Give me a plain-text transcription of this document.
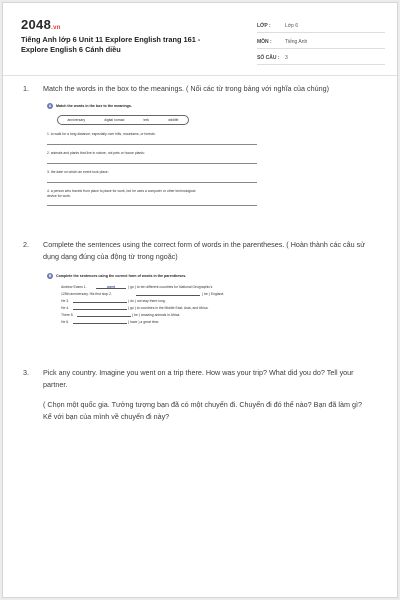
2048.vn
Tiếng Anh lớp 6 Unit 11 Explore English trang 161 - Explore English 6 Cánh diều
LỚP :	Lớp 6
MÔN :	Tiếng Anh
SỐ CÂU :	3
1. Match the words in the box to the meanings. ( Nối các từ trong bảng với nghĩa của chúng)
A	Match the words in the box to the meanings.
anniversary	digital nomad	trek	wildlife
1. to walk for a long distance, especially over hills, mountains, or forests:
2. animals and plants that live in nature, not pets or house plants:
3. the date on which an event took place:
4. a person who travels from place to place for work, but he uses a computer or other technological device for work.
2. Complete the sentences using the correct form of words in the parentheses. ( Hoàn thành các câu sử dụng dạng đúng của động từ trong ngoặc)
B	Complete the sentences using the correct form of words in the parentheses.
Andrew Evans 1.	went	( go ) to ten different countries for National Geographic's
125th anniversary. His first stop 2.	( be ) England.
He 3.	( do ) not stay there long.
He 4.	( go ) to countries in the Middle East, Asia, and Africa.
There 5.	( be ) amazing animals in Africa.
He 6.	( have ) a great time.
3. Pick any country. Imagine you went on a trip there. How was your trip? What did you do? Tell your partner.
( Chọn một quốc gia. Tưởng tượng bạn đã có một chuyến đi. Chuyến đi đó thế nào? Bạn đã làm gì? Kể với bạn của mình về chuyến đi này?
